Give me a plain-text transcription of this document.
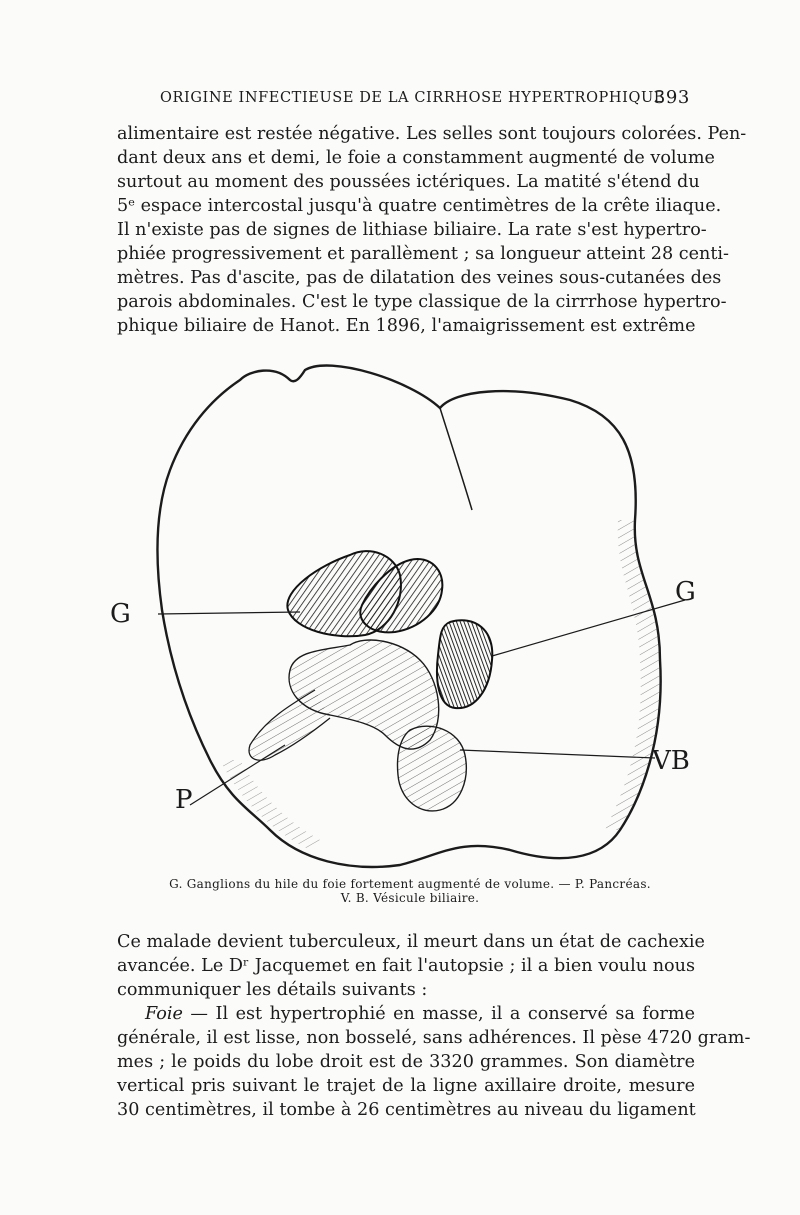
ORIGINE INFECTIEUSE DE LA CIRRHOSE HYPERTROPHIQUE
393
alimentaire est restée négative. Les selles sont toujours colorées. Pen-
dant deux ans et demi, le foie a constamment augmenté de volume
surtout au moment des poussées ictériques. La matité s'étend du
5ᵉ espace intercostal jusqu'à quatre centimètres de la crête iliaque.
Il n'existe pas de signes de lithiase biliaire. La rate s'est hypertro-
phiée progressivement et parallèment ; sa longueur atteint 28 centi-
mètres. Pas d'ascite, pas de dilatation des veines sous-cutanées des
parois abdominales. C'est le type classique de la cirrrhose hypertro-
phique biliaire de Hanot. En 1896, l'amaigrissement est extrême
G
G
P
VB
G. Ganglions du hile du foie fortement augmenté de volume. — P. Pancréas.
V. B. Vésicule biliaire.
Ce malade devient tuberculeux, il meurt dans un état de cachexie
avancée. Le Dʳ Jacquemet en fait l'autopsie ; il a bien voulu nous
communiquer les détails suivants :
Foie — Il est hypertrophié en masse, il a conservé sa forme
générale, il est lisse, non bosselé, sans adhérences. Il pèse 4720 gram-
mes ; le poids du lobe droit est de 3320 grammes. Son diamètre
vertical pris suivant le trajet de la ligne axillaire droite, mesure
30 centimètres, il tombe à 26 centimètres au niveau du ligament
